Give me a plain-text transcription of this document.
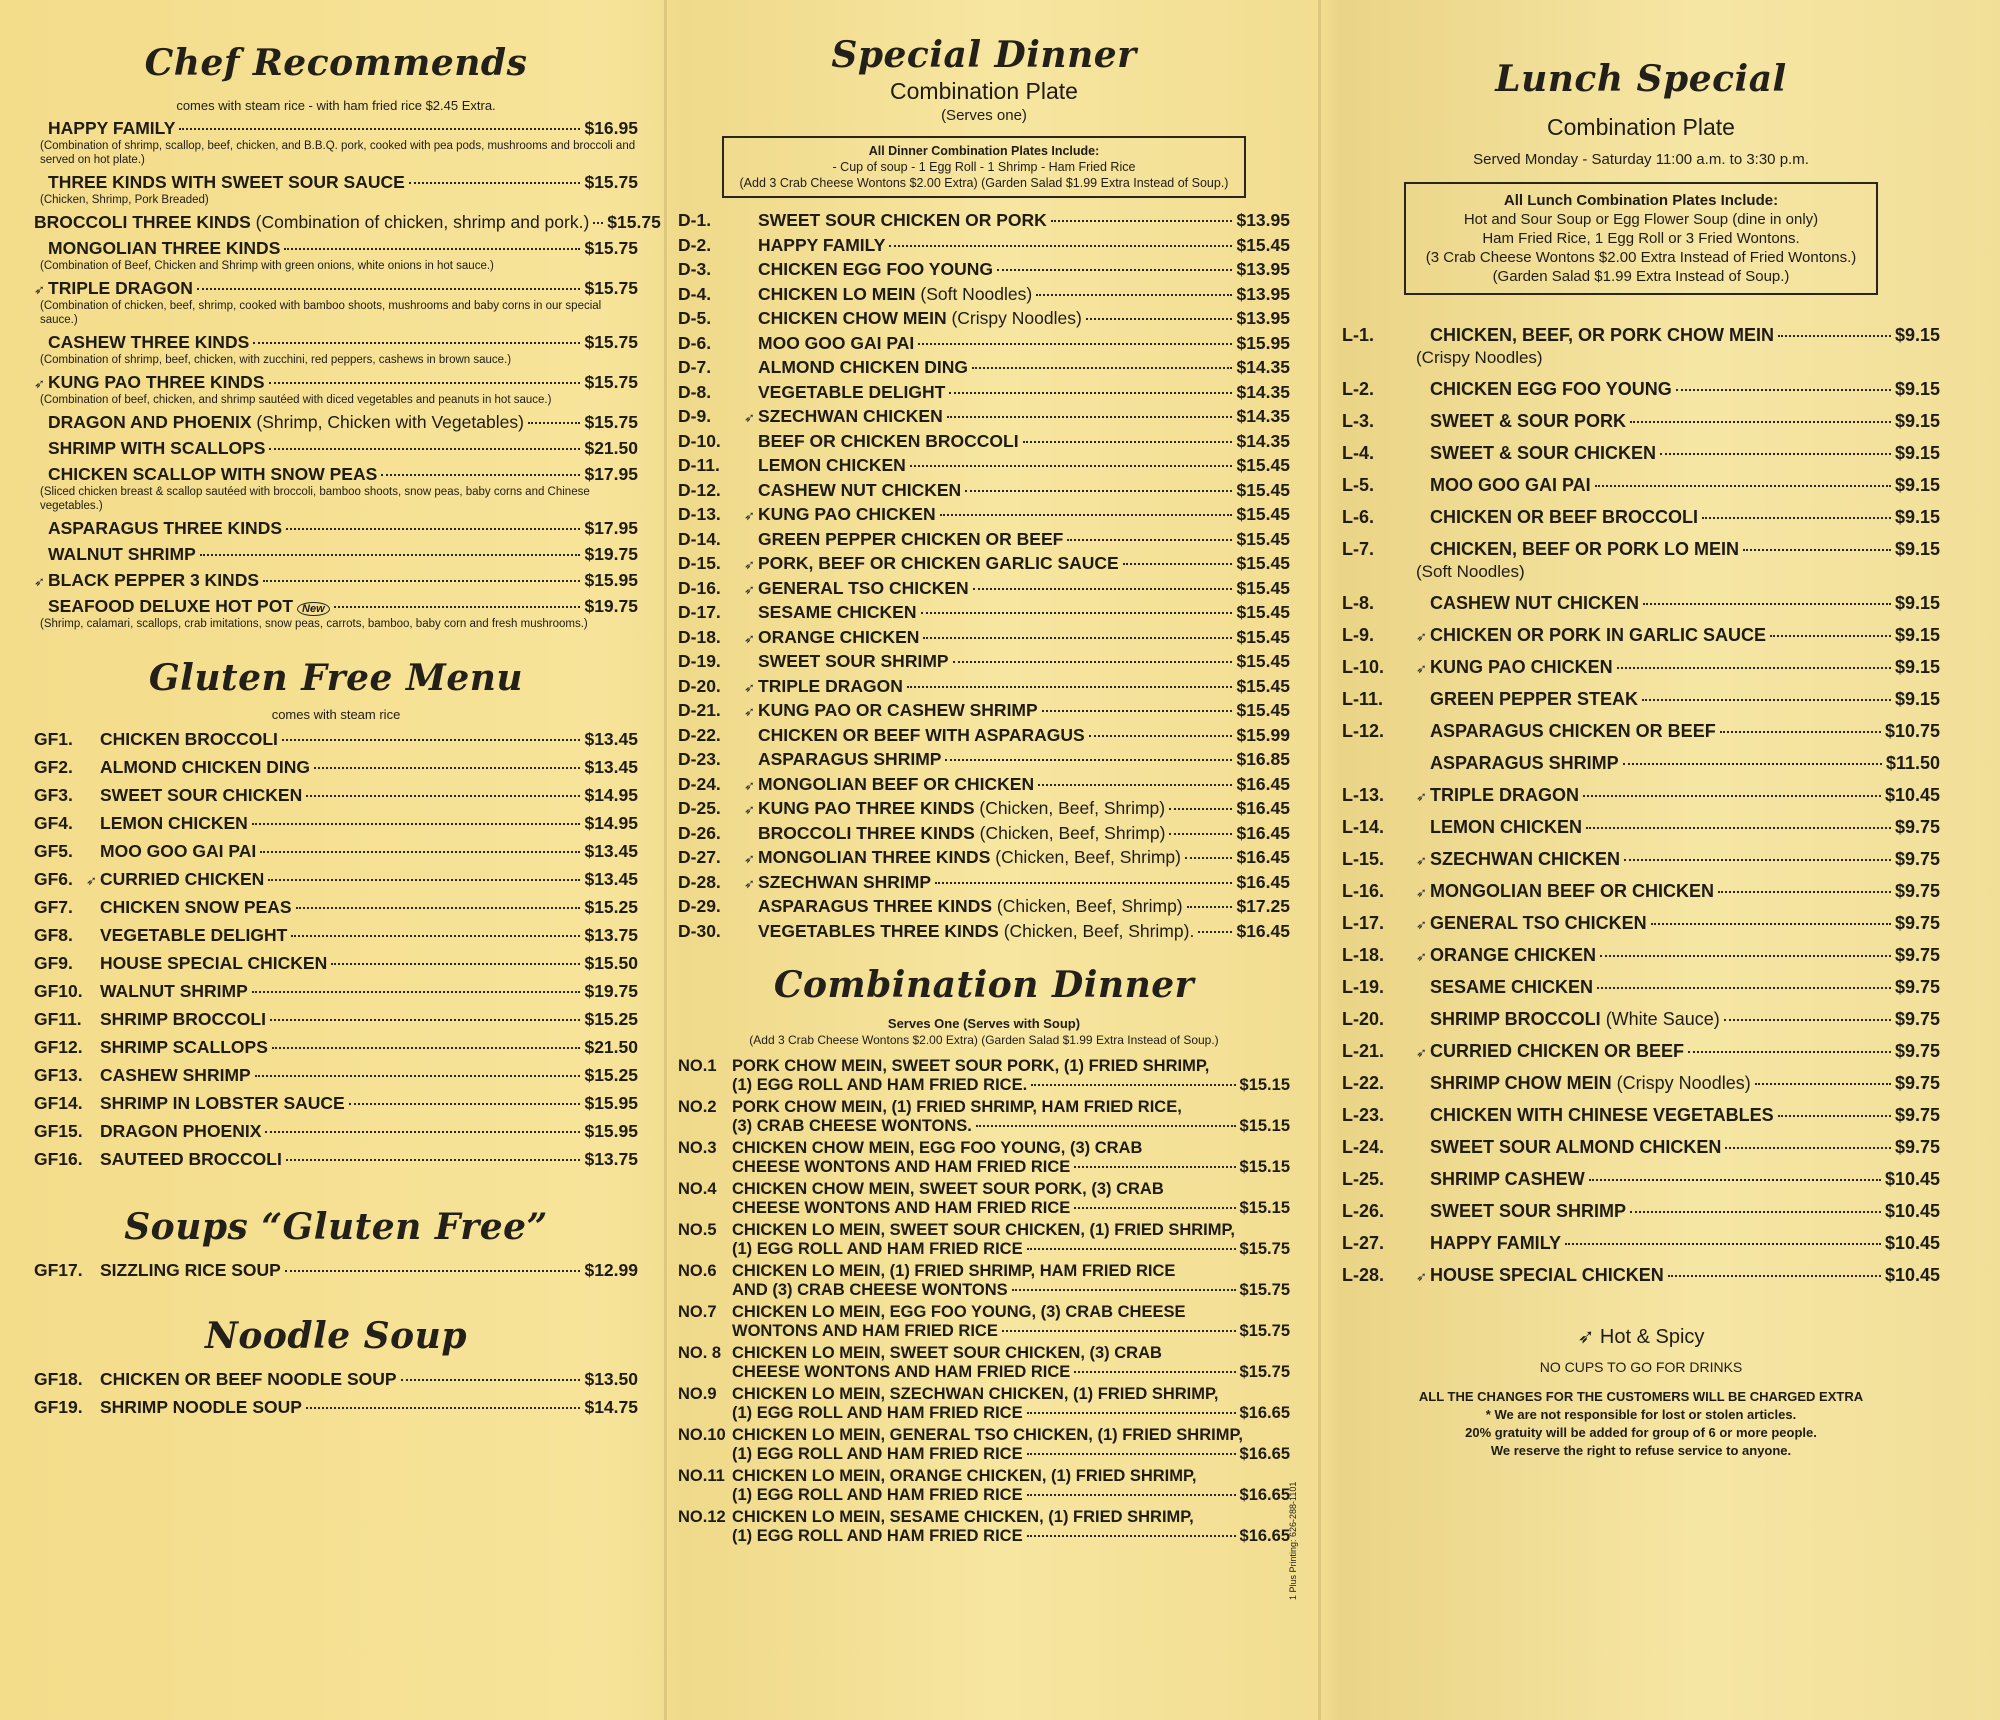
Chef Recommends

comes with steam rice - with ham fried rice $2.45 Extra.

HAPPY FAMILY	$16.95

(Combination of shrimp, scallop, beef, chicken, and B.B.Q. pork, cooked with pea pods, mushrooms and broccoli and served on hot plate.)

THREE KINDS WITH SWEET SOUR SAUCE	$15.75

(Chicken, Shrimp, Pork Breaded)

BROCCOLI THREE KINDS (Combination of chicken, shrimp and pork.) $15.75
MONGOLIAN THREE KINDS	$15.75

(Combination of Beef, Chicken and Shrimp with green onions, white onions in hot sauce.)

➶ TRIPLE DRAGON	$15.75

(Combination of chicken, beef, shrimp, cooked with bamboo shoots, mushrooms and baby corns in our special sauce.)

CASHEW THREE KINDS	$15.75

(Combination of shrimp, beef, chicken, with zucchini, red peppers, cashews in brown sauce.)

➶ KUNG PAO THREE KINDS	$15.75

(Combination of beef, chicken, and shrimp sautéed with diced vegetables and peanuts in hot sauce.)

DRAGON AND PHOENIX (Shrimp, Chicken with Vegetables)	$15.75
SHRIMP WITH SCALLOPS	$21.50
CHICKEN SCALLOP WITH SNOW PEAS	$17.95

(Sliced chicken breast & scallop sautéed with broccoli, bamboo shoots, snow peas, baby corns and Chinese vegetables.)

ASPARAGUS THREE KINDS	$17.95
WALNUT SHRIMP	$19.75
➶ BLACK PEPPER 3 KINDS	$15.95
SEAFOOD DELUXE HOT POT New	$19.75

(Shrimp, calamari, scallops, crab imitations, snow peas, carrots, bamboo, baby corn and fresh mushrooms.)

Gluten Free Menu

comes with steam rice

GF1.	CHICKEN BROCCOLI	$13.45
GF2.	ALMOND CHICKEN DING	$13.45
GF3.	SWEET SOUR CHICKEN	$14.95
GF4.	LEMON CHICKEN	$14.95
GF5.	MOO GOO GAI PAI	$13.45
GF6.	➶ CURRIED CHICKEN	$13.45
GF7.	CHICKEN SNOW PEAS	$15.25
GF8.	VEGETABLE DELIGHT	$13.75
GF9.	HOUSE SPECIAL CHICKEN	$15.50
GF10. WALNUT SHRIMP	$19.75
GF11. SHRIMP BROCCOLI	$15.25
GF12. SHRIMP SCALLOPS	$21.50
GF13. CASHEW SHRIMP	$15.25
GF14. SHRIMP IN LOBSTER SAUCE	$15.95
GF15. DRAGON PHOENIX	$15.95
GF16. SAUTEED BROCCOLI	$13.75
Soups “Gluten Free”
GF17. SIZZLING RICE SOUP	$12.99
Noodle Soup
GF18. CHICKEN OR BEEF NOODLE SOUP	$13.50
GF19. SHRIMP NOODLE SOUP	$14.75
Special Dinner

Combination Plate

(Serves one)

All Dinner Combination Plates Include:

- Cup of soup - 1 Egg Roll - 1 Shrimp - Ham Fried Rice

(Add 3 Crab Cheese Wontons $2.00 Extra) (Garden Salad $1.99 Extra Instead of Soup.)

D-1.	SWEET SOUR CHICKEN OR PORK	$13.95
D-2.	HAPPY FAMILY	$15.45
D-3.	CHICKEN EGG FOO YOUNG	$13.95
D-4.	CHICKEN LO MEIN (Soft Noodles)	$13.95
D-5.	CHICKEN CHOW MEIN (Crispy Noodles)	$13.95
D-6.	MOO GOO GAI PAI	$15.95
D-7.	ALMOND CHICKEN DING	$14.35
D-8.	VEGETABLE DELIGHT	$14.35
D-9.	➶ SZECHWAN CHICKEN	$14.35
D-10.	BEEF OR CHICKEN BROCCOLI	$14.35
D-11.	LEMON CHICKEN	$15.45
D-12.	CASHEW NUT CHICKEN	$15.45
D-13.	➶ KUNG PAO CHICKEN	$15.45
D-14.	GREEN PEPPER CHICKEN OR BEEF	$15.45
D-15.	➶ PORK, BEEF OR CHICKEN GARLIC SAUCE	$15.45
D-16.	➶ GENERAL TSO CHICKEN	$15.45
D-17.	SESAME CHICKEN	$15.45
D-18.	➶ ORANGE CHICKEN	$15.45
D-19.	SWEET SOUR SHRIMP	$15.45
D-20.	➶ TRIPLE DRAGON	$15.45
D-21.	➶ KUNG PAO OR CASHEW SHRIMP	$15.45
D-22.	CHICKEN OR BEEF WITH ASPARAGUS	$15.99
D-23.	ASPARAGUS SHRIMP	$16.85
D-24.	➶ MONGOLIAN BEEF OR CHICKEN	$16.45
D-25.	➶ KUNG PAO THREE KINDS (Chicken, Beef, Shrimp)	$16.45
D-26.	BROCCOLI THREE KINDS (Chicken, Beef, Shrimp)	$16.45
D-27.	➶ MONGOLIAN THREE KINDS (Chicken, Beef, Shrimp)	$16.45
D-28.	➶ SZECHWAN SHRIMP	$16.45
D-29.	ASPARAGUS THREE KINDS (Chicken, Beef, Shrimp)	$17.25
D-30.	VEGETABLES THREE KINDS (Chicken, Beef, Shrimp). $16.45
Combination Dinner

Serves One (Serves with Soup)

(Add 3 Crab Cheese Wontons $2.00 Extra) (Garden Salad $1.99 Extra Instead of Soup.)

NO.1 PORK CHOW MEIN, SWEET SOUR PORK, (1) FRIED SHRIMP,
(1) EGG ROLL AND HAM FRIED RICE.	$15.15
NO.2 PORK CHOW MEIN, (1) FRIED SHRIMP, HAM FRIED RICE,
(3) CRAB CHEESE WONTONS.	$15.15
NO.3 CHICKEN CHOW MEIN, EGG FOO YOUNG, (3) CRAB
CHEESE WONTONS AND HAM FRIED RICE	$15.15
NO.4 CHICKEN CHOW MEIN, SWEET SOUR PORK, (3) CRAB
CHEESE WONTONS AND HAM FRIED RICE	$15.15
NO.5 CHICKEN LO MEIN, SWEET SOUR CHICKEN, (1) FRIED SHRIMP,
(1) EGG ROLL AND HAM FRIED RICE	$15.75
NO.6 CHICKEN LO MEIN, (1) FRIED SHRIMP, HAM FRIED RICE
AND (3) CRAB CHEESE WONTONS	$15.75
NO.7 CHICKEN LO MEIN, EGG FOO YOUNG, (3) CRAB CHEESE
WONTONS AND HAM FRIED RICE	$15.75
NO. 8 CHICKEN LO MEIN, SWEET SOUR CHICKEN, (3) CRAB
CHEESE WONTONS AND HAM FRIED RICE	$15.75
NO.9 CHICKEN LO MEIN, SZECHWAN CHICKEN, (1) FRIED SHRIMP,
(1) EGG ROLL AND HAM FRIED RICE	$16.65
NO.10 CHICKEN LO MEIN, GENERAL TSO CHICKEN, (1) FRIED SHRIMP,
(1) EGG ROLL AND HAM FRIED RICE	$16.65
NO.11 CHICKEN LO MEIN, ORANGE CHICKEN, (1) FRIED SHRIMP,
(1) EGG ROLL AND HAM FRIED RICE	$16.65
NO.12 CHICKEN LO MEIN, SESAME CHICKEN, (1) FRIED SHRIMP,
(1) EGG ROLL AND HAM FRIED RICE	$16.65
1 Plus Printing: 626-288-1101
Lunch Special

Combination Plate

Served Monday - Saturday 11:00 a.m. to 3:30 p.m.

All Lunch Combination Plates Include:

Hot and Sour Soup or Egg Flower Soup (dine in only)

Ham Fried Rice, 1 Egg Roll or 3 Fried Wontons.

(3 Crab Cheese Wontons $2.00 Extra Instead of Fried Wontons.)

(Garden Salad $1.99 Extra Instead of Soup.)

L-1.	CHICKEN, BEEF, OR PORK CHOW MEIN	$9.15
(Crispy Noodles)
L-2.	CHICKEN EGG FOO YOUNG	$9.15
L-3.	SWEET & SOUR PORK	$9.15
L-4.	SWEET & SOUR CHICKEN	$9.15
L-5.	MOO GOO GAI PAI	$9.15
L-6.	CHICKEN OR BEEF BROCCOLI	$9.15
L-7.	CHICKEN, BEEF OR PORK LO MEIN	$9.15
(Soft Noodles)
L-8.	CASHEW NUT CHICKEN	$9.15
L-9.	➶ CHICKEN OR PORK IN GARLIC SAUCE	$9.15
L-10.	➶ KUNG PAO CHICKEN	$9.15
L-11.	GREEN PEPPER STEAK	$9.15
L-12.	ASPARAGUS CHICKEN OR BEEF	$10.75
ASPARAGUS SHRIMP	$11.50
L-13.	➶ TRIPLE DRAGON	$10.45
L-14.	LEMON CHICKEN	$9.75
L-15.	➶ SZECHWAN CHICKEN	$9.75
L-16.	➶ MONGOLIAN BEEF OR CHICKEN	$9.75
L-17.	➶ GENERAL TSO CHICKEN	$9.75
L-18.	➶ ORANGE CHICKEN	$9.75
L-19.	SESAME CHICKEN	$9.75
L-20.	SHRIMP BROCCOLI (White Sauce)	$9.75
L-21.	➶ CURRIED CHICKEN OR BEEF	$9.75
L-22.	SHRIMP CHOW MEIN (Crispy Noodles)	$9.75
L-23.	CHICKEN WITH CHINESE VEGETABLES	$9.75
L-24.	SWEET SOUR ALMOND CHICKEN	$9.75
L-25.	SHRIMP CASHEW	$10.45
L-26.	SWEET SOUR SHRIMP	$10.45
L-27.	HAPPY FAMILY	$10.45
L-28.	➶ HOUSE SPECIAL CHICKEN	$10.45

➶ Hot & Spicy

NO CUPS TO GO FOR DRINKS

ALL THE CHANGES FOR THE CUSTOMERS WILL BE CHARGED EXTRA

* We are not responsible for lost or stolen articles.

20% gratuity will be added for group of 6 or more people.

We reserve the right to refuse service to anyone.
